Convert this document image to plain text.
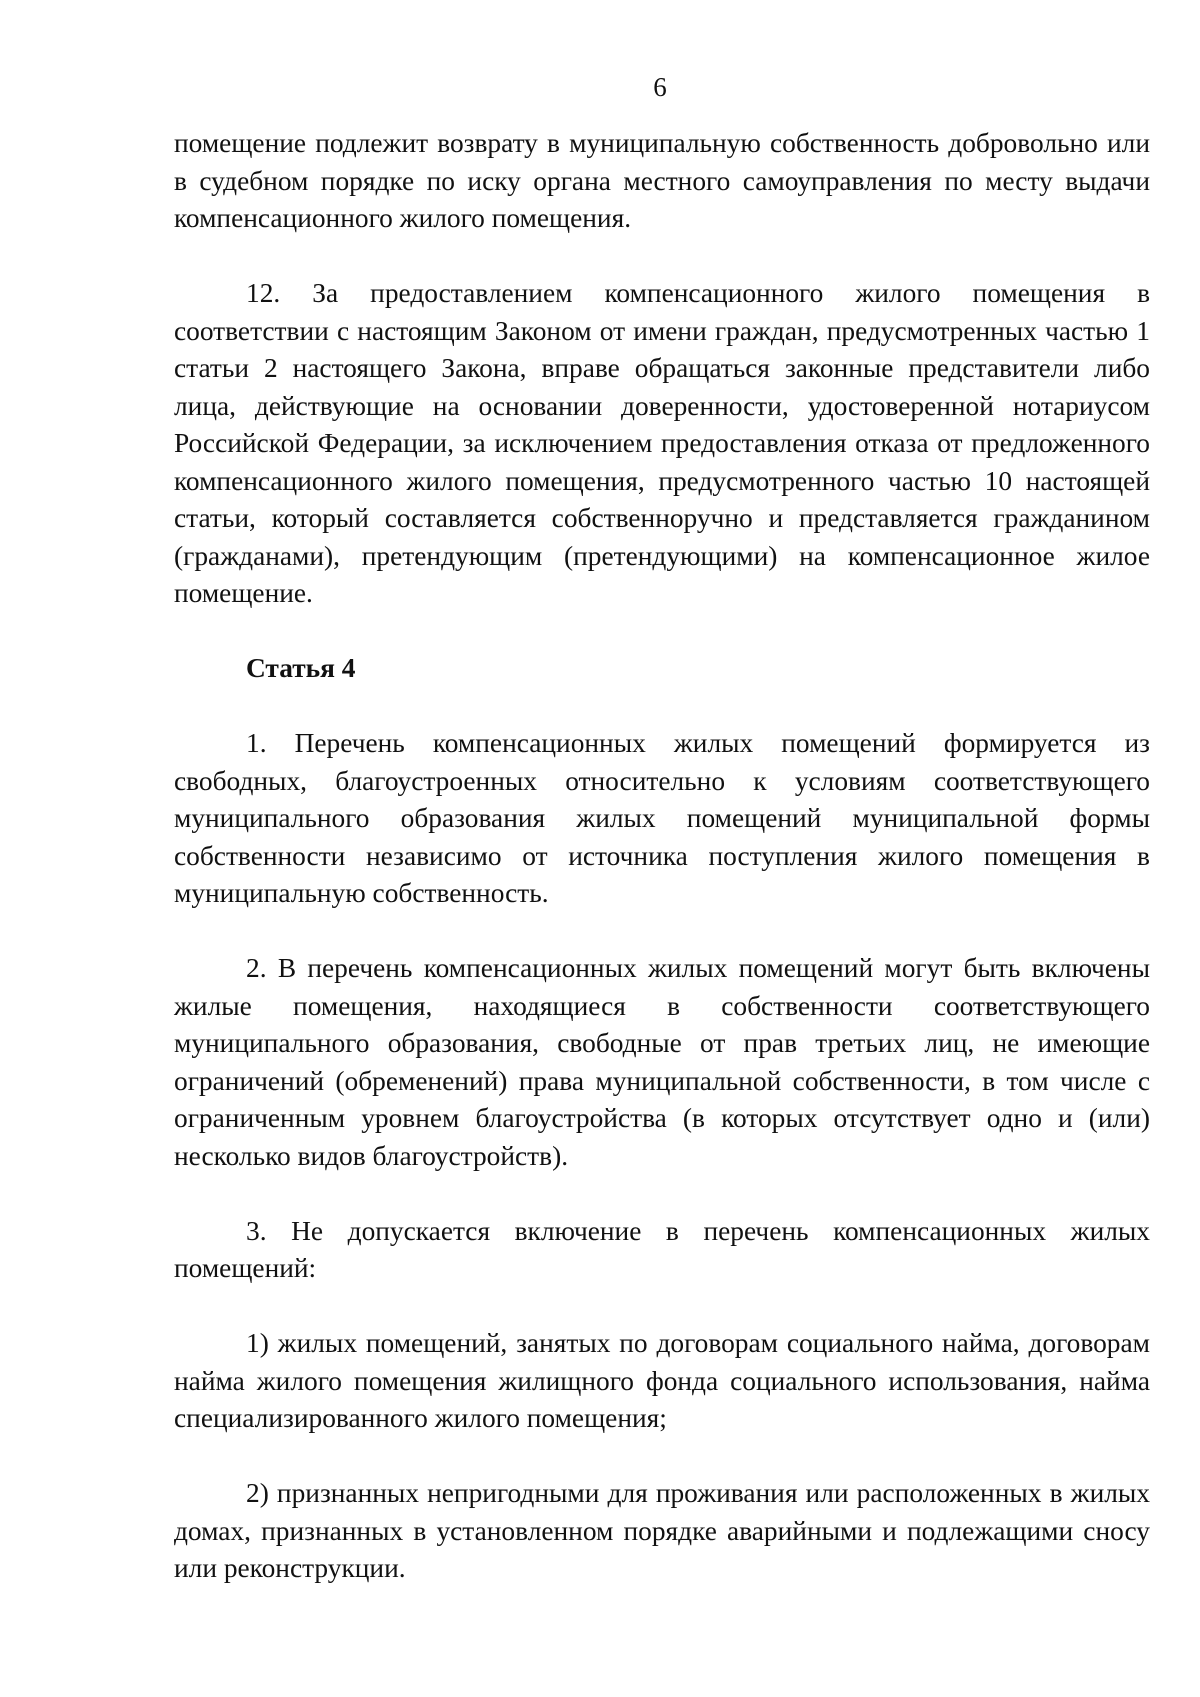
6

помещение подлежит возврату в муниципальную собственность добровольно или в судебном порядке по иску органа местного самоуправления по месту выдачи компенсационного жилого помещения.

12. За предоставлением компенсационного жилого помещения в соответствии с настоящим Законом от имени граждан, предусмотренных частью 1 статьи 2 настоящего Закона, вправе обращаться законные представители либо лица, действующие на основании доверенности, удостоверенной нотариусом Российской Федерации, за исключением предоставления отказа от предложенного компенсационного жилого помещения, предусмотренного частью 10 настоящей статьи, который составляется собственноручно и представляется гражданином (гражданами), претендующим (претендующими) на компенсационное жилое помещение.

Статья 4

1. Перечень компенсационных жилых помещений формируется из свободных, благоустроенных относительно к условиям соответствующего муниципального образования жилых помещений муниципальной формы собственности независимо от источника поступления жилого помещения в муниципальную собственность.

2. В перечень компенсационных жилых помещений могут быть включены жилые помещения, находящиеся в собственности соответствующего муниципального образования, свободные от прав третьих лиц, не имеющие ограничений (обременений) права муниципальной собственности, в том числе с ограниченным уровнем благоустройства (в которых отсутствует одно и (или) несколько видов благоустройств).

3. Не допускается включение в перечень компенсационных жилых помещений:

1) жилых помещений, занятых по договорам социального найма, договорам найма жилого помещения жилищного фонда социального использования, найма специализированного жилого помещения;

2) признанных непригодными для проживания или расположенных в жилых домах, признанных в установленном порядке аварийными и подлежащими сносу или реконструкции.
